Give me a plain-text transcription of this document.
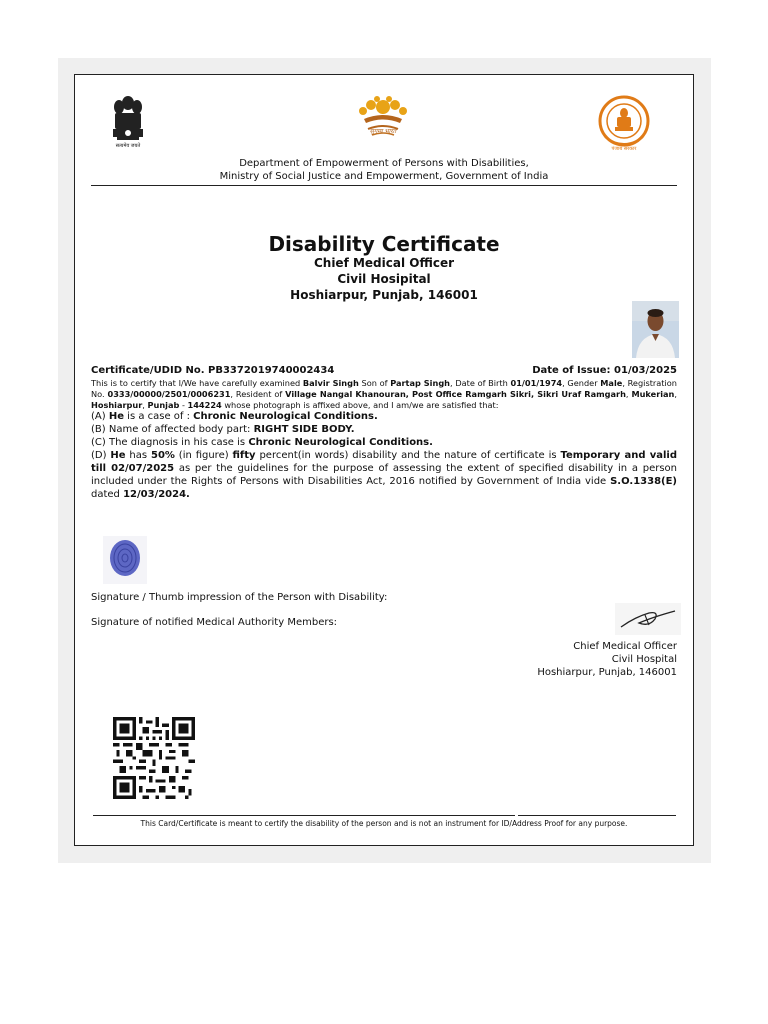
सत्यमेव जयते
सुगम्य भारत
पंजाब सरकार
Department of Empowerment of Persons with Disabilities,
Ministry of Social Justice and Empowerment, Government of India
Disability Certificate
Chief Medical Officer
Civil Hosipital
Hoshiarpur, Punjab, 146001
Certificate/UDID No. PB3372019740002434	Date of Issue: 01/03/2025
This is to certify that I/We have carefully examined Balvir Singh Son of Partap Singh, Date of Birth 01/01/1974, Gender Male, Registration No. 0333/00000/2501/0006231, Resident of Village Nangal Khanouran, Post Office Ramgarh Sikri, Sikri Uraf Ramgarh, Mukerian, Hoshiarpur, Punjab - 144224 whose photograph is affixed above, and I am/we are satisfied that:

(A) He is a case of : Chronic Neurological Conditions.

(B) Name of affected body part: RIGHT SIDE BODY.

(C) The diagnosis in his case is Chronic Neurological Conditions.

(D) He has 50% (in figure) fifty percent(in words) disability and the nature of certificate is Temporary and valid till 02/07/2025 as per the guidelines for the purpose of assessing the extent of specified disability in a person included under the Rights of Persons with Disabilities Act, 2016 notified by Government of India vide S.O.1338(E) dated 12/03/2024.

Signature / Thumb impression of the Person with Disability:
Signature of notified Medical Authority Members:
Chief Medical Officer
Civil Hospital
Hoshiarpur, Punjab, 146001
This Card/Certificate is meant to certify the disability of the person and is not an instrument for ID/Address Proof for any purpose.
